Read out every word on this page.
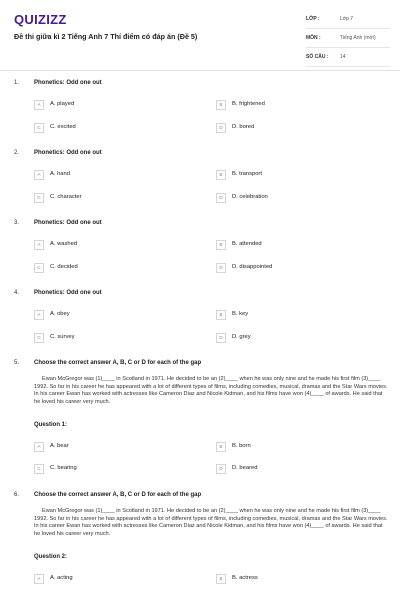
QUIZIZZ
Đề thi giữa kì 2 Tiếng Anh 7 Thí điểm có đáp án (Đề 5)
LỚP :	Lớp 7
MÔN :	Tiếng Anh (mới)
SỐ CÂU : 14
1. Phonetics: Odd one out
A	A. played	B	B. frightened
C	C. excited	D	D. bored
2. Phonetics: Odd one out
A	A. hand	B	B. transport
C	C. character	D	D. celebration
3. Phonetics: Odd one out
A	A. washed	B	B. attended
C	C. decided	D	D. disappointed
4. Phonetics: Odd one out
A	A. obey	B	B. key
C	C. survey	D	D. grey
5. Choose the correct answer A, B, C or D for each of the gap
Ewan McGregor was (1)____ in Scotland in 1971. He decided to be an (2)____ when he was only nine and he made his first film (3)____ 1992. So far in his career he has appeared with a lot of different types of films, including comedies, musical, dramas and the Star Wars movies. In his career Ewan has worked with actresses like Cameron Diaz and Nicole Kidman, and his films have won (4)____ of awards. He said that he loved his career very much.
Question 1:
A	A. bear	B	B. born
C	C. bearing	D	D. beared
6. Choose the correct answer A, B, C or D for each of the gap
Ewan McGregor was (1)____ in Scotland in 1971. He decided to be an (2)____ when he was only nine and he made his first film (3)____ 1992. So far in his career he has appeared with a lot of different types of films, including comedies, musical, dramas and the Star Wars movies. In his career Ewan has worked with actresses like Cameron Diaz and Nicole Kidman, and his films have won (4)____ of awards. He said that he loved his career very much.
Question 2:
A	A. acting	B	B. actress
